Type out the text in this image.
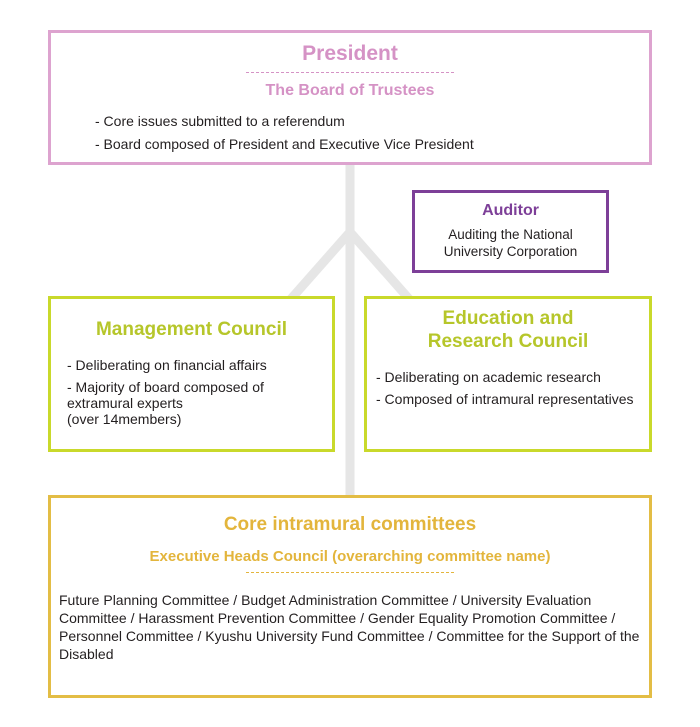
President
The Board of Trustees
- Core issues submitted to a referendum
- Board composed of President and Executive Vice President
Auditor
Auditing the National
University Corporation
Management Council
- Deliberating on financial affairs
- Majority of board composed of extramural experts
(over 14members)
Education and
Research Council
- Deliberating on academic research
- Composed of intramural representatives
Core intramural committees
Executive Heads Council (overarching committee name)
Future Planning Committee / Budget Administration Committee / University Evaluation Committee / Harassment Prevention Committee / Gender Equality Promotion Committee / Personnel Committee / Kyushu University Fund Committee / Committee for the Support of the Disabled
